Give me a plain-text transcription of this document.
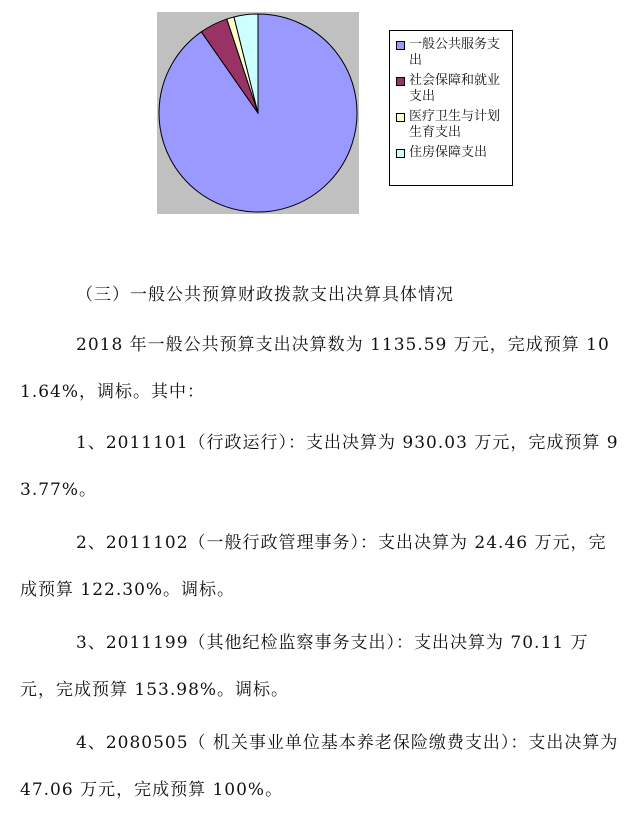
一般公共服务支出
社会保障和就业支出
医疗卫生与计划生育支出
住房保障支出
（三）一般公共预算财政拨款支出决算具体情况
2018 年一般公共预算支出决算数为 1135.59 万元，完成预算 101.64%，调标。其中：
1、2011101（行政运行）：支出决算为 930.03 万元，完成预算 93.77%。
2、2011102（一般行政管理事务）：支出决算为 24.46 万元，完成预算 122.30%。调标。
3、2011199（其他纪检监察事务支出）：支出决算为 70.11 万元，完成预算 153.98%。调标。
4、2080505（ 机关事业单位基本养老保险缴费支出）：支出决算为 47.06 万元，完成预算 100%。
